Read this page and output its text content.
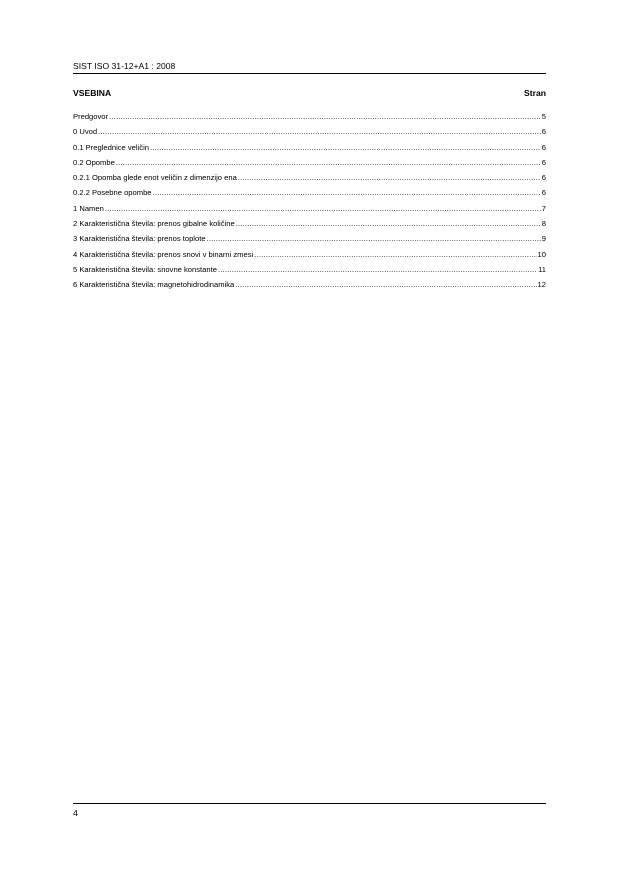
SIST ISO 31-12+A1 : 2008
VSEBINA	Stran
Predgovor .....	5
0 Uvod .....	6
0.1 Preglednice veličin .....	6
0.2 Opombe .....	6
0.2.1 Opomba glede enot veličin z dimenzijo ena .....	6
0.2.2 Posebne opombe .....	6
1 Namen .....	7
2 Karakteristična števila: prenos gibalne količine .....	8
3 Karakteristična števila: prenos toplote .....	9
4 Karakteristična števila: prenos snovi v binarni zmesi .....	10
5 Karakteristična števila: snovne konstante .....	11
6 Karakteristična števila: magnetohidrodinamika .....	12
4
